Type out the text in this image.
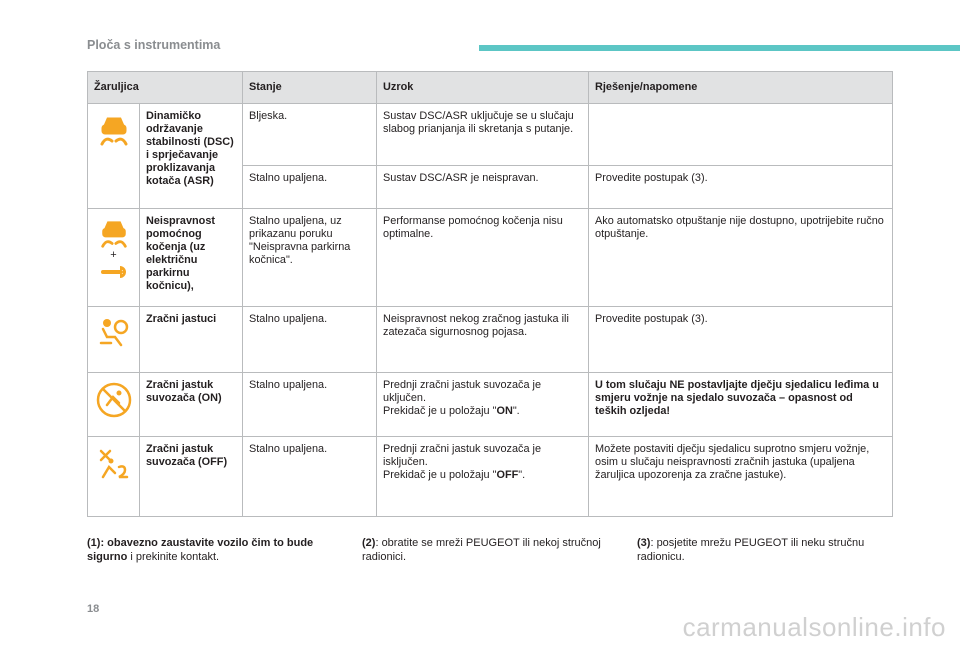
Ploča s instrumentima
Žaruljica		Stanje	Uzrok	Rješenje/napomene

	Dinamičko održavanje stabilnosti (DSC) i sprječavanje proklizavanja kotača (ASR)	Bljeska.	Sustav DSC/ASR uključuje se u slučaju slabog prianjanja ili skretanja s putanje.	
		Stalno upaljena.	Sustav DSC/ASR je neispravan.	Provedite postupak (3).

+	Neispravnost pomoćnog kočenja (uz električnu parkirnu kočnicu),	Stalno upaljena, uz prikazanu poruku "Neispravna parkirna kočnica".	Performanse pomoćnog kočenja nisu optimalne.	Ako automatsko otpuštanje nije dostupno, upotrijebite ručno otpuštanje.

	Zračni jastuci	Stalno upaljena.	Neispravnost nekog zračnog jastuka ili zatezača sigurnosnog pojasa.	Provedite postupak (3).

	Zračni jastuk suvozača (ON)	Stalno upaljena.	Prednji zračni jastuk suvozača je uključen.
Prekidač je u položaju "ON".	U tom slučaju NE postavljajte dječju sjedalicu leđima u smjeru vožnje na sjedalo suvozača – opasnost od teških ozljeda!

	Zračni jastuk suvozača (OFF)	Stalno upaljena.	Prednji zračni jastuk suvozača je isključen.
Prekidač je u položaju "OFF".	Možete postaviti dječju sjedalicu suprotno smjeru vožnje, osim u slučaju neispravnosti zračnih jastuka (upaljena žaruljica upozorenja za zračne jastuke).
(1): obavezno zaustavite vozilo čim to bude sigurno i prekinite kontakt.
(2): obratite se mreži PEUGEOT ili nekoj stručnoj radionici.
(3): posjetite mrežu PEUGEOT ili neku stručnu radionicu.
18
carmanualsonline.info
